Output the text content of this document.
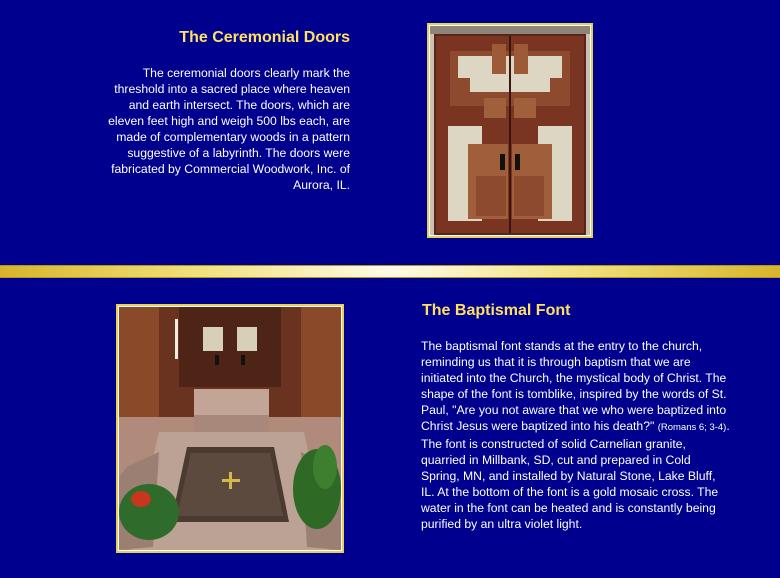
The Ceremonial Doors

The ceremonial doors clearly mark the threshold into a sacred place where heaven and earth intersect. The doors, which are eleven feet high and weigh 500 lbs each, are made of complementary woods in a pattern suggestive of a labyrinth. The doors were fabricated by Commercial Woodwork, Inc. of Aurora, IL.

The Baptismal Font

The baptismal font stands at the entry to the church, reminding us that it is through baptism that we are initiated into the Church, the mystical body of Christ. The shape of the font is tomblike, inspired by the words of St. Paul, "Are you not aware that we who were baptized into Christ Jesus were baptized into his death?" (Romans 6; 3-4). The font is constructed of solid Carnelian granite, quarried in Millbank, SD, cut and prepared in Cold Spring, MN, and installed by Natural Stone, Lake Bluff, IL. At the bottom of the font is a gold mosaic cross. The water in the font can be heated and is constantly being purified by an ultra violet light.
